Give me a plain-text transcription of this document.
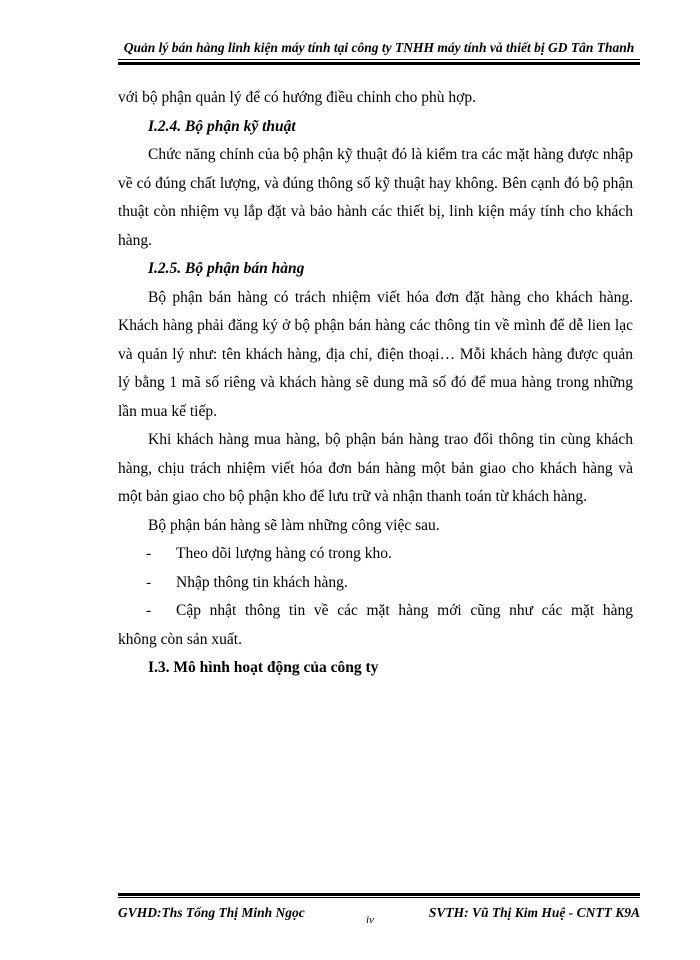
Quản lý bán hàng linh kiện máy tính tại công ty TNHH máy tính và thiết bị GD Tân Thanh

với bộ phận quản lý để có hướng điều chỉnh cho phù hợp.

I.2.4. Bộ phận kỹ thuật

Chức năng chính của bộ phận kỹ thuật đó là kiểm tra các mặt hàng được nhập về có đúng chất lượng, và đúng thông số kỹ thuật hay không. Bên cạnh đó bộ phận thuật còn nhiệm vụ lắp đặt và bảo hành các thiết bị, linh kiện máy tính cho khách hàng.

I.2.5. Bộ phận bán hàng

Bộ phận bán hàng có trách nhiệm viết hóa đơn đặt hàng cho khách hàng. Khách hàng phải đăng ký ở bộ phận bán hàng các thông tin về mình để dễ lien lạc và quản lý như: tên khách hàng, địa chỉ, điện thoại… Mỗi khách hàng được quản lý bằng 1 mã số riêng và khách hàng sẽ dung mã số đó để mua hàng trong những lần mua kế tiếp.

Khi khách hàng mua hàng, bộ phận bán hàng trao đổi thông tin cùng khách hàng, chịu trách nhiệm viết hóa đơn bán hàng một bản giao cho khách hàng và một bản giao cho bộ phận kho để lưu trữ và nhận thanh toán từ khách hàng.

Bộ phận bán hàng sẽ làm những công việc sau.

-	Theo dõi lượng hàng có trong kho.
-	Nhập thông tin khách hàng.
-	Cập nhật thông tin về các mặt hàng mới cũng như các mặt hàng

không còn sản xuất.

I.3. Mô hình hoạt động của công ty

GVHD:Ths Tống Thị Minh Ngọc	iv	SVTH: Vũ Thị Kim Huệ - CNTT K9A
